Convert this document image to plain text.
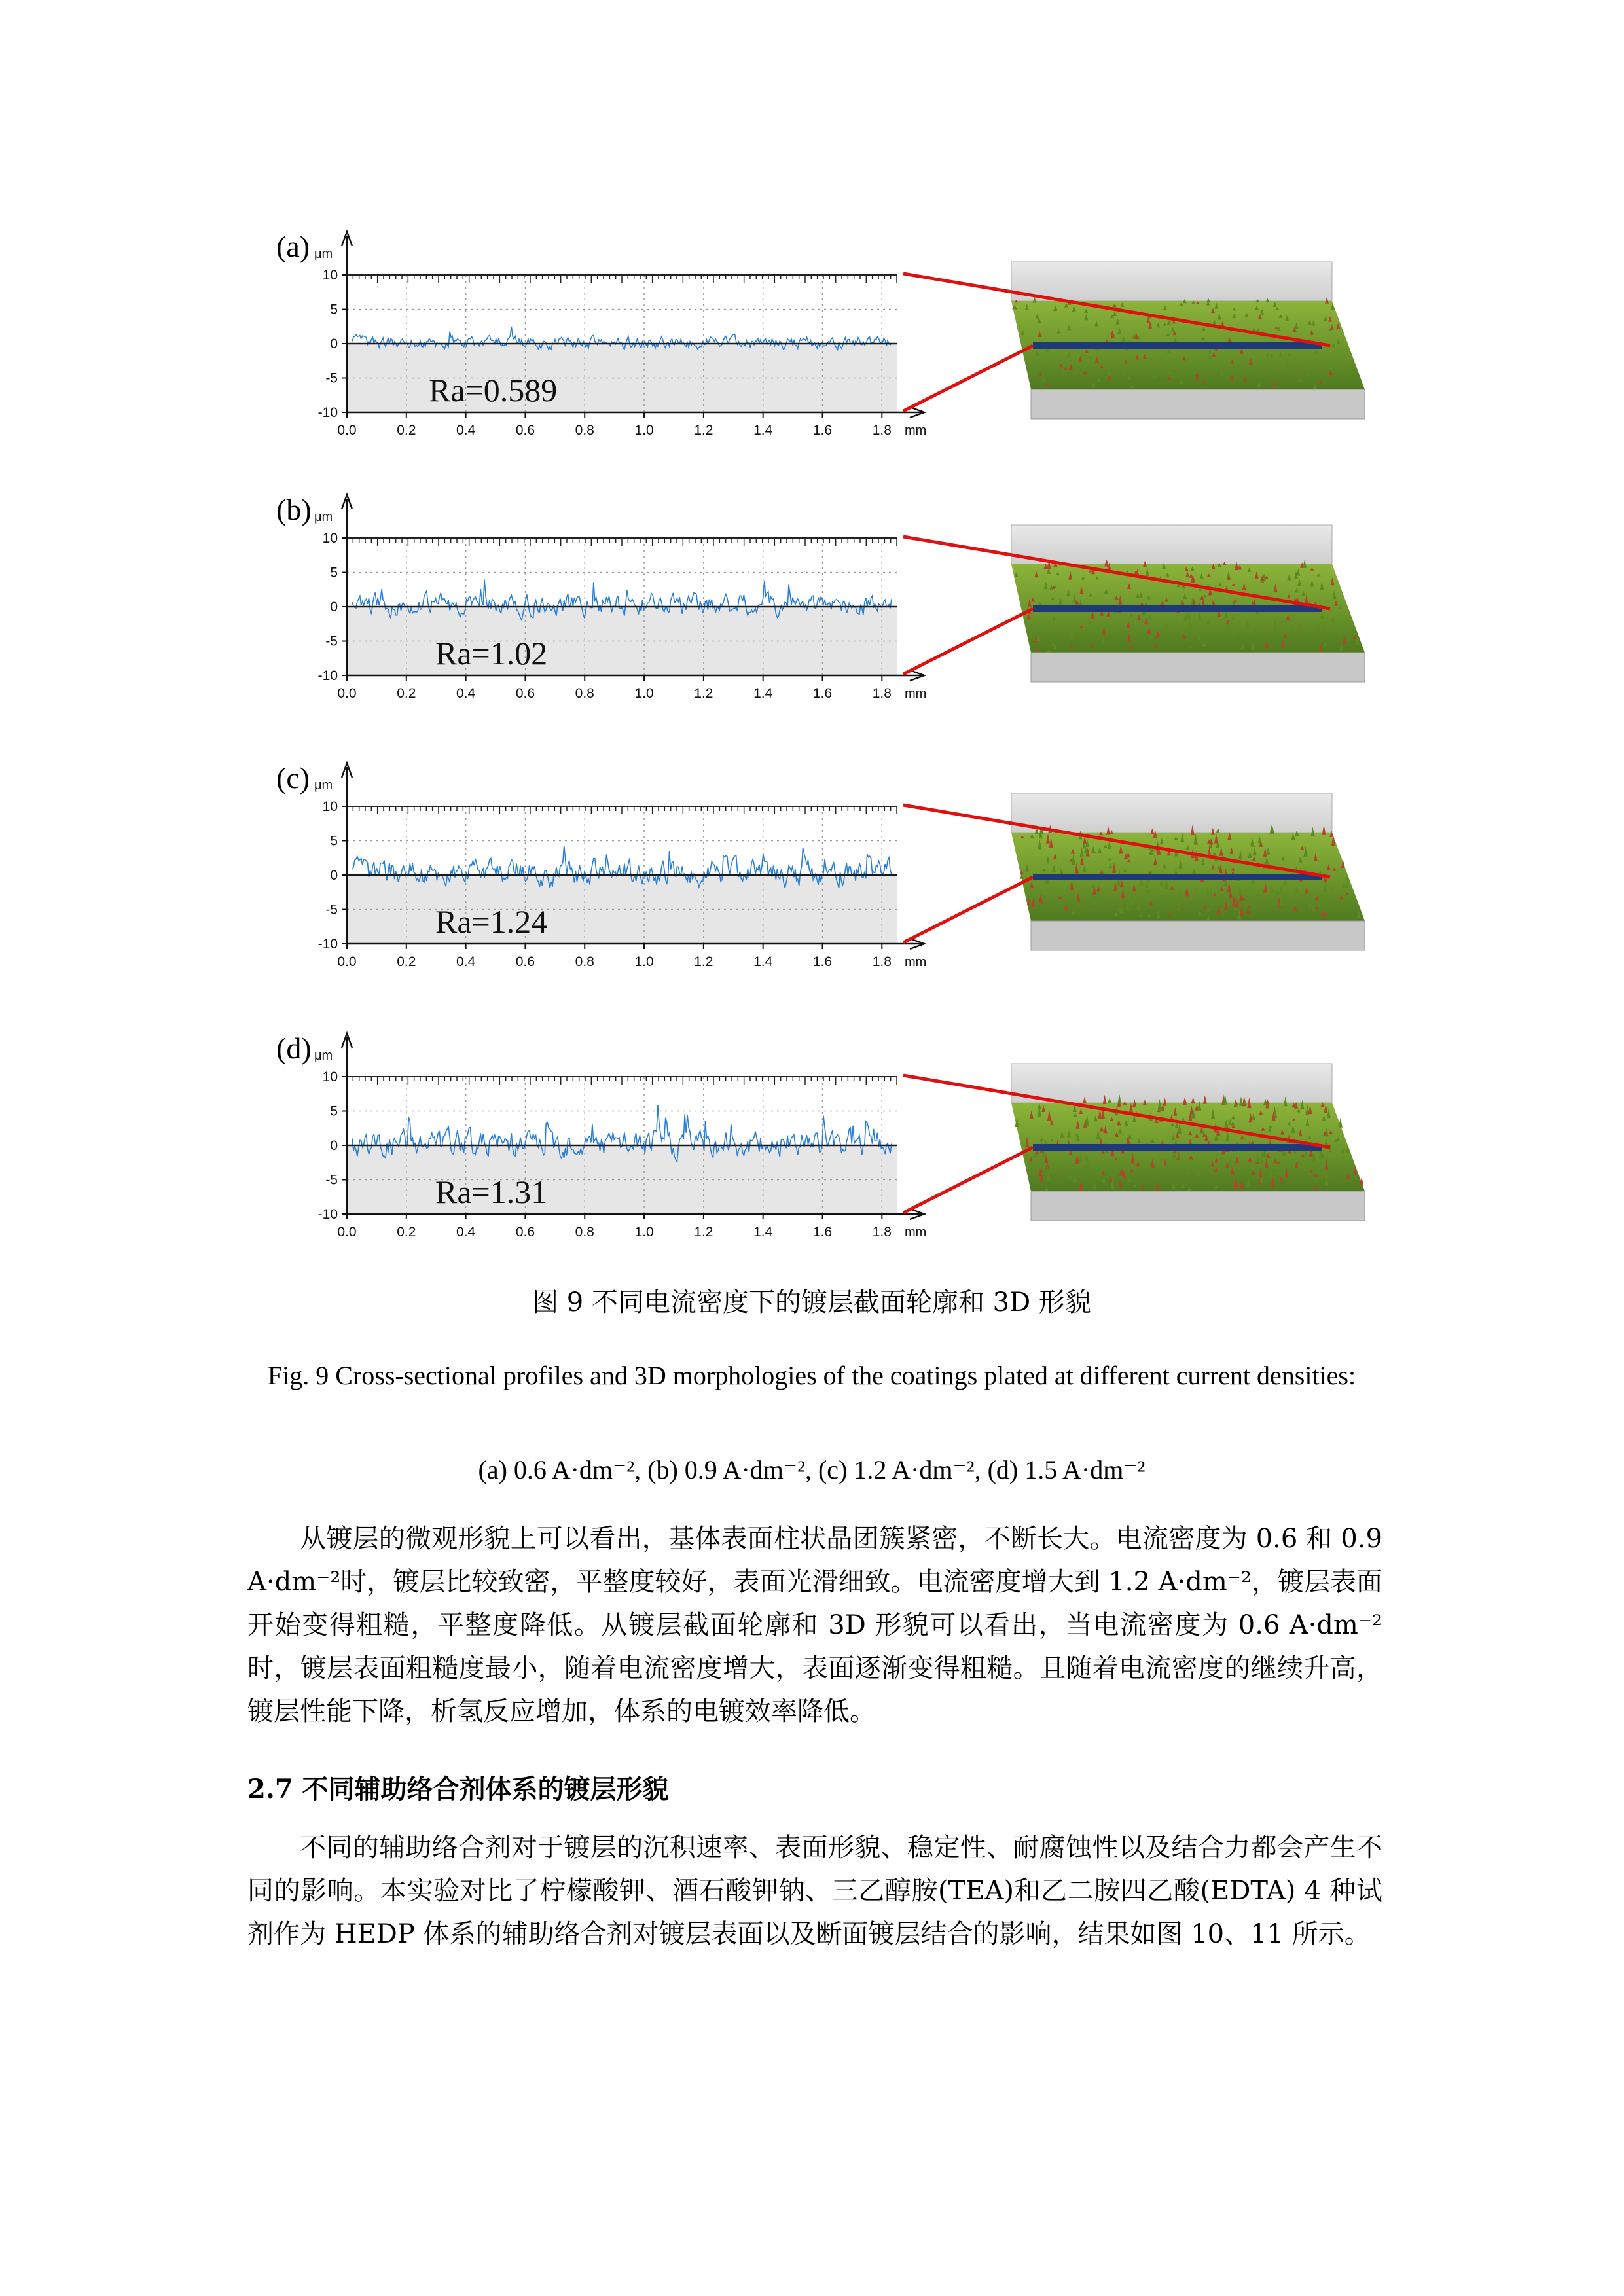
10
5
0
-5
-10
0.0	0.2	0.4	0.6	0.8	1.0	1.2	1.4	1.6	1.8 mm
μm
(a)
Ra=0.589
10
5
0
-5
-10
0.0	0.2	0.4	0.6	0.8	1.0	1.2	1.4	1.6	1.8 mm
μm
(b)
Ra=1.02
10
5
0
-5
-10
0.0	0.2	0.4	0.6	0.8	1.0	1.2	1.4	1.6	1.8 mm
μm
(c)
Ra=1.24
10
5
0
-5
-10
0.0	0.2	0.4	0.6	0.8	1.0	1.2	1.4	1.6	1.8 mm
μm
(d)
Ra=1.31
图 9 不同电流密度下的镀层截面轮廓和 3D 形貌
Fig. 9 Cross-sectional profiles and 3D morphologies of the coatings plated at different current densities:
(a) 0.6 A·dm⁻², (b) 0.9 A·dm⁻², (c) 1.2 A·dm⁻², (d) 1.5 A·dm⁻²
从镀层的微观形貌上可以看出，基体表面柱状晶团簇紧密，不断长大。电流密度为 0.6 和 0.9 A·dm⁻²时，镀层比较致密，平整度较好，表面光滑细致。电流密度增大到 1.2 A·dm⁻²，镀层表面开始变得粗糙，平整度降低。从镀层截面轮廓和 3D 形貌可以看出，当电流密度为 0.6 A·dm⁻²时，镀层表面粗糙度最小，随着电流密度增大，表面逐渐变得粗糙。且随着电流密度的继续升高，镀层性能下降，析氢反应增加，体系的电镀效率降低。
2.7 不同辅助络合剂体系的镀层形貌
不同的辅助络合剂对于镀层的沉积速率、表面形貌、稳定性、耐腐蚀性以及结合力都会产生不同的影响。本实验对比了柠檬酸钾、酒石酸钾钠、三乙醇胺(TEA)和乙二胺四乙酸(EDTA) 4 种试剂作为 HEDP 体系的辅助络合剂对镀层表面以及断面镀层结合的影响，结果如图 10、11 所示。
